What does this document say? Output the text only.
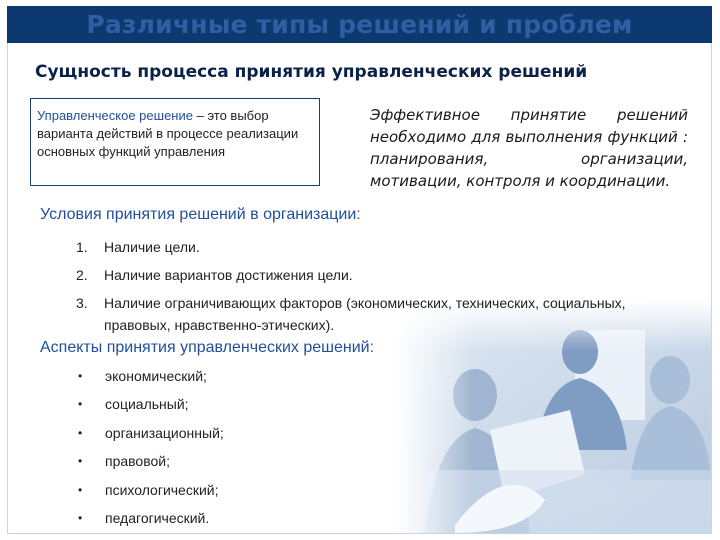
Различные типы решений и проблем
Сущность процесса принятия управленческих решений
Управленческое решение – это выбор варианта действий в процессе реализации основных функций управления
Эффективное принятие решений необходимо для выполнения функций : планирования, организации, мотивации, контроля и координации.
Условия принятия решений в организации:
1. Наличие цели.
2. Наличие вариантов достижения цели.
3. Наличие ограничивающих факторов (экономических, технических, социальных, правовых, нравственно-этических).
Аспекты принятия управленческих решений:
• экономический;
• социальный;
• организационный;
• правовой;
• психологический;
• педагогический.
